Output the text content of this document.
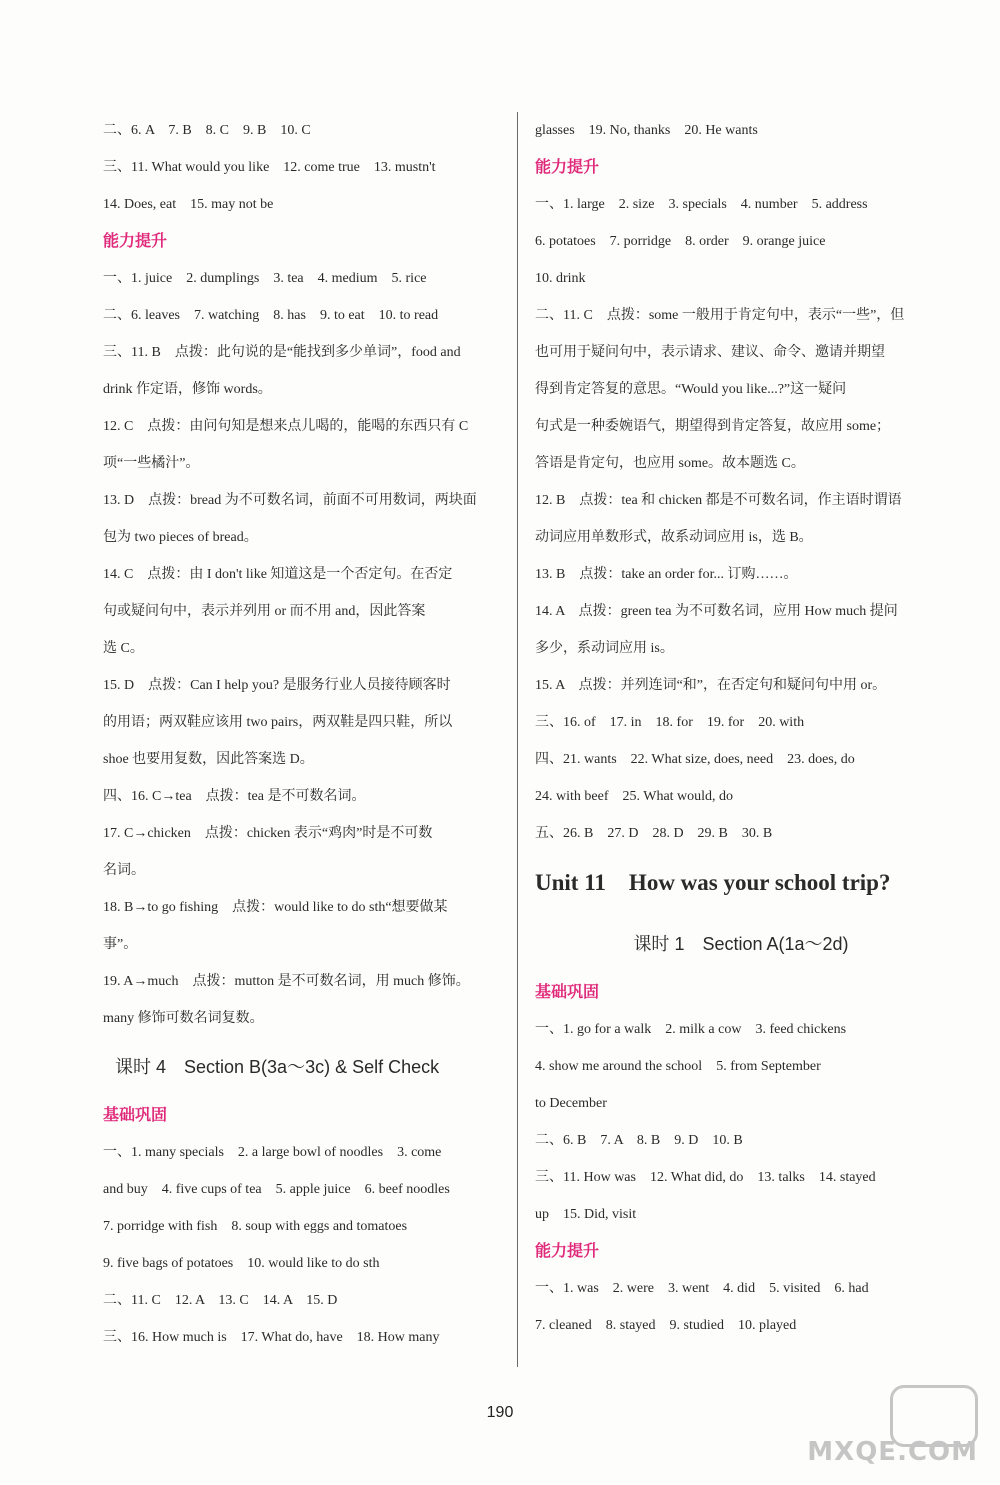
二、6. A　7. B　8. C　9. B　10. C
三、11. What would you like　12. come true　13. mustn't
14. Does, eat　15. may not be
能力提升
一、1. juice　2. dumplings　3. tea　4. medium　5. rice
二、6. leaves　7. watching　8. has　9. to eat　10. to read
三、11. B　点拨：此句说的是“能找到多少单词”，food and
drink 作定语，修饰 words。
12. C　点拨：由问句知是想来点儿喝的，能喝的东西只有 C
项“一些橘汁”。
13. D　点拨：bread 为不可数名词，前面不可用数词，两块面
包为 two pieces of bread。
14. C　点拨：由 I don't like 知道这是一个否定句。在否定
句或疑问句中，表示并列用 or 而不用 and，因此答案
选 C。
15. D　点拨：Can I help you? 是服务行业人员接待顾客时
的用语；两双鞋应该用 two pairs，两双鞋是四只鞋，所以
shoe 也要用复数，因此答案选 D。
四、16. C→tea　点拨：tea 是不可数名词。
17. C→chicken　点拨：chicken 表示“鸡肉”时是不可数
名词。
18. B→to go fishing　点拨：would like to do sth“想要做某
事”。
19. A→much　点拨：mutton 是不可数名词，用 much 修饰。
many 修饰可数名词复数。
课时 4　Section B(3a～3c) & Self Check
基础巩固
一、1. many specials　2. a large bowl of noodles　3. come
and buy　4. five cups of tea　5. apple juice　6. beef noodles
7. porridge with fish　8. soup with eggs and tomatoes
9. five bags of potatoes　10. would like to do sth
二、11. C　12. A　13. C　14. A　15. D
三、16. How much is　17. What do, have　18. How many
glasses　19. No, thanks　20. He wants
能力提升
一、1. large　2. size　3. specials　4. number　5. address
6. potatoes　7. porridge　8. order　9. orange juice
10. drink
二、11. C　点拨：some 一般用于肯定句中，表示“一些”，但
也可用于疑问句中，表示请求、建议、命令、邀请并期望
得到肯定答复的意思。“Would you like...?”这一疑问
句式是一种委婉语气，期望得到肯定答复，故应用 some；
答语是肯定句，也应用 some。故本题选 C。
12. B　点拨：tea 和 chicken 都是不可数名词，作主语时谓语
动词应用单数形式，故系动词应用 is，选 B。
13. B　点拨：take an order for... 订购……。
14. A　点拨：green tea 为不可数名词，应用 How much 提问
多少，系动词应用 is。
15. A　点拨：并列连词“和”，在否定句和疑问句中用 or。
三、16. of　17. in　18. for　19. for　20. with
四、21. wants　22. What size, does, need　23. does, do
24. with beef　25. What would, do
五、26. B　27. D　28. D　29. B　30. B
Unit 11　How was your school trip?
课时 1　Section A(1a～2d)
基础巩固
一、1. go for a walk　2. milk a cow　3. feed chickens
4. show me around the school　5. from September
to December
二、6. B　7. A　8. B　9. D　10. B
三、11. How was　12. What did, do　13. talks　14. stayed
up　15. Did, visit
能力提升
一、1. was　2. were　3. went　4. did　5. visited　6. had
7. cleaned　8. stayed　9. studied　10. played
190
MXQE.COM
